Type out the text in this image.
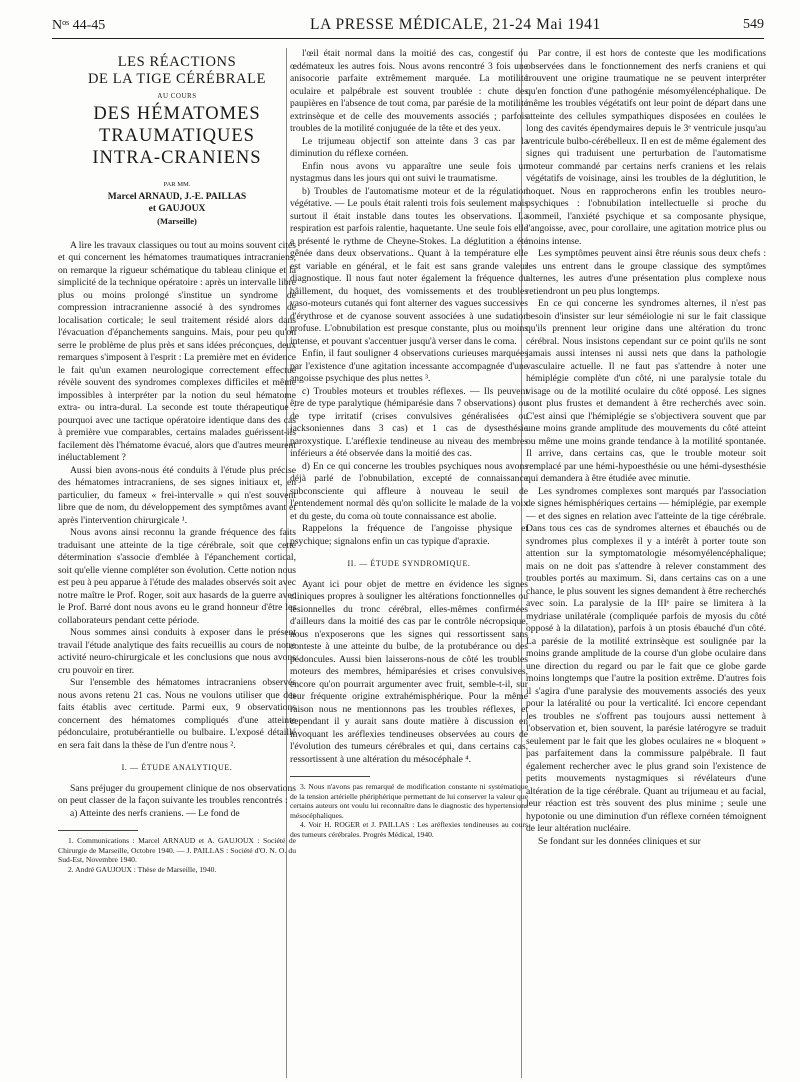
Nᵒˢ 44-45	LA PRESSE MÉDICALE, 21-24 Mai 1941	549

LES RÉACTIONS

DE LA TIGE CÉRÉBRALE

AU COURS

DES HÉMATOMES

TRAUMATIQUES

INTRA-CRANIENS

PAR MM.

Marcel ARNAUD, J.-E. PAILLAS

et GAUJOUX

(Marseille)

A lire les travaux classiques ou tout au moins souvent cités et qui concernent les hématomes traumatiques intracraniens, on remarque la rigueur schématique du tableau clinique et la simplicité de la technique opératoire : après un intervalle libre plus ou moins prolongé s'institue un syndrome de compression intracranienne associé à des syndromes de localisation corticale; le seul traitement résidé alors dans l'évacuation d'épanchements sanguins. Mais, pour peu qu'on serre le problème de plus près et sans idées préconçues, deux remarques s'imposent à l'esprit : La première met en évidence le fait qu'un examen neurologique correctement effectué révèle souvent des syndromes complexes difficiles et même impossibles à interpréter par la notion du seul hématome extra- ou intra-dural. La seconde est toute thérapeutique : pourquoi avec une tactique opératoire identique dans des cas à première vue comparables, certains malades guérissent-ils facilement dès l'hématome évacué, alors que d'autres meurent inéluctablement ?

Aussi bien avons-nous été conduits à l'étude plus précise des hématomes intracraniens, de ses signes initiaux et, en particulier, du fameux « frei-intervalle » qui n'est souvent libre que de nom, du développement des symptômes avant et après l'intervention chirurgicale ¹.

Nous avons ainsi reconnu la grande fréquence des faits traduisant une atteinte de la tige cérébrale, soit que cette détermination s'associe d'emblée à l'épanchement cortical, soit qu'elle vienne compléter son évolution. Cette notion nous est peu à peu apparue à l'étude des malades observés soit avec notre maître le Prof. Roger, soit aux hasards de la guerre avec le Prof. Barré dont nous avons eu le grand honneur d'être les collaborateurs pendant cette période.

Nous sommes ainsi conduits à exposer dans le présent travail l'étude analytique des faits recueillis au cours de notre activité neuro-chirurgicale et les conclusions que nous avons cru pouvoir en tirer.

Sur l'ensemble des hématomes intracraniens observés nous avons retenu 21 cas. Nous ne voulons utiliser que des faits établis avec certitude. Parmi eux, 9 observations concernent des hématomes compliqués d'une atteinte pédonculaire, protubérantielle ou bulbaire. L'exposé détaillé en sera fait dans la thèse de l'un d'entre nous ².

I. — ÉTUDE ANALYTIQUE.

Sans préjuger du groupement clinique de nos observations on peut classer de la façon suivante les troubles rencontrés :

a) Atteinte des nerfs craniens. — Le fond de

1. Communications : Marcel ARNAUD et A. GAUJOUX : Société de Chirurgie de Marseille, Octobre 1940. — J. PAILLAS : Société d'O. N. O. du Sud-Est, Novembre 1940.

2. André GAUJOUX : Thèse de Marseille, 1940.

l'œil était normal dans la moitié des cas, congestif ou œdémateux les autres fois. Nous avons rencontré 3 fois une anisocorie parfaite extrêmement marquée. La motilité oculaire et palpébrale est souvent troublée : chute des paupières en l'absence de tout coma, par parésie de la motilité extrinsèque et de celle des mouvements associés ; parfois troubles de la motilité conjuguée de la tête et des yeux.

Le trijumeau objectif son atteinte dans 3 cas par la diminution du réflexe cornéen.

Enfin nous avons vu apparaître une seule fois un nystagmus dans les jours qui ont suivi le traumatisme.

b) Troubles de l'automatisme moteur et de la régulation végétative. — Le pouls était ralenti trois fois seulement mais surtout il était instable dans toutes les observations. La respiration est parfois ralentie, haquetante. Une seule fois elle a présenté le rythme de Cheyne-Stokes. La déglutition a été gênée dans deux observations.. Quant à la température elle est variable en général, et le fait est sans grande valeur diagnostique. Il nous faut noter également la fréquence du bâillement, du hoquet, des vomissements et des troubles vaso-moteurs cutanés qui font alterner des vagues successives d'érythrose et de cyanose souvent associées à une sudation profuse. L'obnubilation est presque constante, plus ou moins intense, et pouvant s'accentuer jusqu'à verser dans le coma.

Enfin, il faut souligner 4 observations curieuses marquées par l'existence d'une agitation incessante accompagnée d'une angoisse psychique des plus nettes ³.

c) Troubles moteurs et troubles réflexes. — Ils peuvent être de type paralytique (hémiparésie dans 7 observations) ou de type irritatif (crises convulsives généralisées ou jacksoniennes dans 3 cas) et 1 cas de dysesthésie paroxystique. L'aréflexie tendineuse au niveau des membres inférieurs a été observée dans la moitié des cas.

d) En ce qui concerne les troubles psychiques nous avons déjà parlé de l'obnubilation, excepté de connaissance subconsciente qui affleure à nouveau le seuil de l'entendement normal dès qu'on sollicite le malade de la voix et du geste, du coma où toute connaissance est abolie.

Rappelons la fréquence de l'angoisse physique et psychique; signalons enfin un cas typique d'apraxie.

II. — ÉTUDE SYNDROMIQUE.

Ayant ici pour objet de mettre en évidence les signes cliniques propres à souligner les altérations fonctionnelles ou lésionnelles du tronc cérébral, elles-mêmes confirmées d'ailleurs dans la moitié des cas par le contrôle nécropsique, nous n'exposerons que les signes qui ressortissent sans conteste à une atteinte du bulbe, de la protubérance ou des pédoncules. Aussi bien laisserons-nous de côté les troubles moteurs des membres, hémiparésies et crises convulsives, encore qu'on pourrait argumenter avec fruit, semble-t-il, sur leur fréquente origine extrahémisphérique. Pour la même raison nous ne mentionnons pas les troubles réflexes, et cependant il y aurait sans doute matière à discussion en invoquant les aréflexies tendineuses observées au cours de l'évolution des tumeurs cérébrales et qui, dans certains cas, ressortissent à une altération du mésocéphale ⁴.

3. Nous n'avons pas remarqué de modification constante ni systématique de la tension artérielle phériphérique permettant de lui conserver la valeur que certains auteurs ont voulu lui reconnaître dans le diagnostic des hypertensions mésocéphaliques.

4. Voir H. ROGER et J. PAILLAS : Les aréflexies tendineuses au cours des tumeurs cérébrales. Progrès Médical, 1940.

Par contre, il est hors de conteste que les modifications observées dans le fonctionnement des nerfs craniens et qui trouvent une origine traumatique ne se peuvent interpréter qu'en fonction d'une pathogénie mésomyélencéphalique. De même les troubles végétatifs ont leur point de départ dans une atteinte des cellules sympathiques disposées en coulées le long des cavités épendymaires depuis le 3ᵉ ventricule jusqu'au ventricule bulbo-cérébelleux. Il en est de même également des signes qui traduisent une perturbation de l'automatisme moteur commandé par certains nerfs craniens et les relais végétatifs de voisinage, ainsi les troubles de la déglutition, le hoquet. Nous en rapprocherons enfin les troubles neuro-psychiques : l'obnubilation intellectuelle si proche du sommeil, l'anxiété psychique et sa composante physique, l'angoisse, avec, pour corollaire, une agitation motrice plus ou moins intense.

Les symptômes peuvent ainsi être réunis sous deux chefs : les uns entrent dans le groupe classique des symptômes alternes, les autres d'une présentation plus complexe nous retiendront un peu plus longtemps.

En ce qui concerne les syndromes alternes, il n'est pas besoin d'insister sur leur séméiologie ni sur le fait classique qu'ils prennent leur origine dans une altération du tronc cérébral. Nous insistons cependant sur ce point qu'ils ne sont jamais aussi intenses ni aussi nets que dans la pathologie vasculaire actuelle. Il ne faut pas s'attendre à noter une hémiplégie complète d'un côté, ni une paralysie totale du visage ou de la motilité oculaire du côté opposé. Les signes sont plus frustes et demandent à être recherchés avec soin. C'est ainsi que l'hémiplégie se s'objectivera souvent que par une moins grande amplitude des mouvements du côté atteint ou même une moins grande tendance à la motilité spontanée. Il arrive, dans certains cas, que le trouble moteur soit remplacé par une hémi-hypoesthésie ou une hémi-dysesthésie qui demandera à être étudiée avec minutie.

Les syndromes complexes sont marqués par l'association de signes hémisphériques certains — hémiplégie, par exemple — et des signes en relation avec l'atteinte de la tige cérébrale. Dans tous ces cas de syndromes alternes et ébauchés ou de syndromes plus complexes il y a intérêt à porter toute son attention sur la symptomatologie mésomyélencéphalique; mais on ne doit pas s'attendre à relever constamment des troubles portés au maximum. Si, dans certains cas on a une chance, le plus souvent les signes demandent à être recherchés avec soin. La paralysie de la IIIᵉ paire se limitera à la mydriase unilatérale (compliquée parfois de myosis du côté opposé à la dilatation), parfois à un ptosis ébauché d'un côté. La parésie de la motilité extrinsèque est soulignée par la moins grande amplitude de la course d'un globe oculaire dans une direction du regard ou par le fait que ce globe garde moins longtemps que l'autre la position extrême. D'autres fois il s'agira d'une paralysie des mouvements associés des yeux pour la latéralité ou pour la verticalité. Ici encore cependant les troubles ne s'offrent pas toujours aussi nettement à l'observation et, bien souvent, la parésie latérogyre se traduit seulement par le fait que les globes oculaires ne « bloquent » pas parfaitement dans la commissure palpébrale. Il faut également rechercher avec le plus grand soin l'existence de petits mouvements nystagmiques si révélateurs d'une altération de la tige cérébrale. Quant au trijumeau et au facial, leur réaction est très souvent des plus minime ; seule une hypotonie ou une diminution d'un réflexe cornéen témoignent de leur altération nucléaire.

Se fondant sur les données cliniques et sur
